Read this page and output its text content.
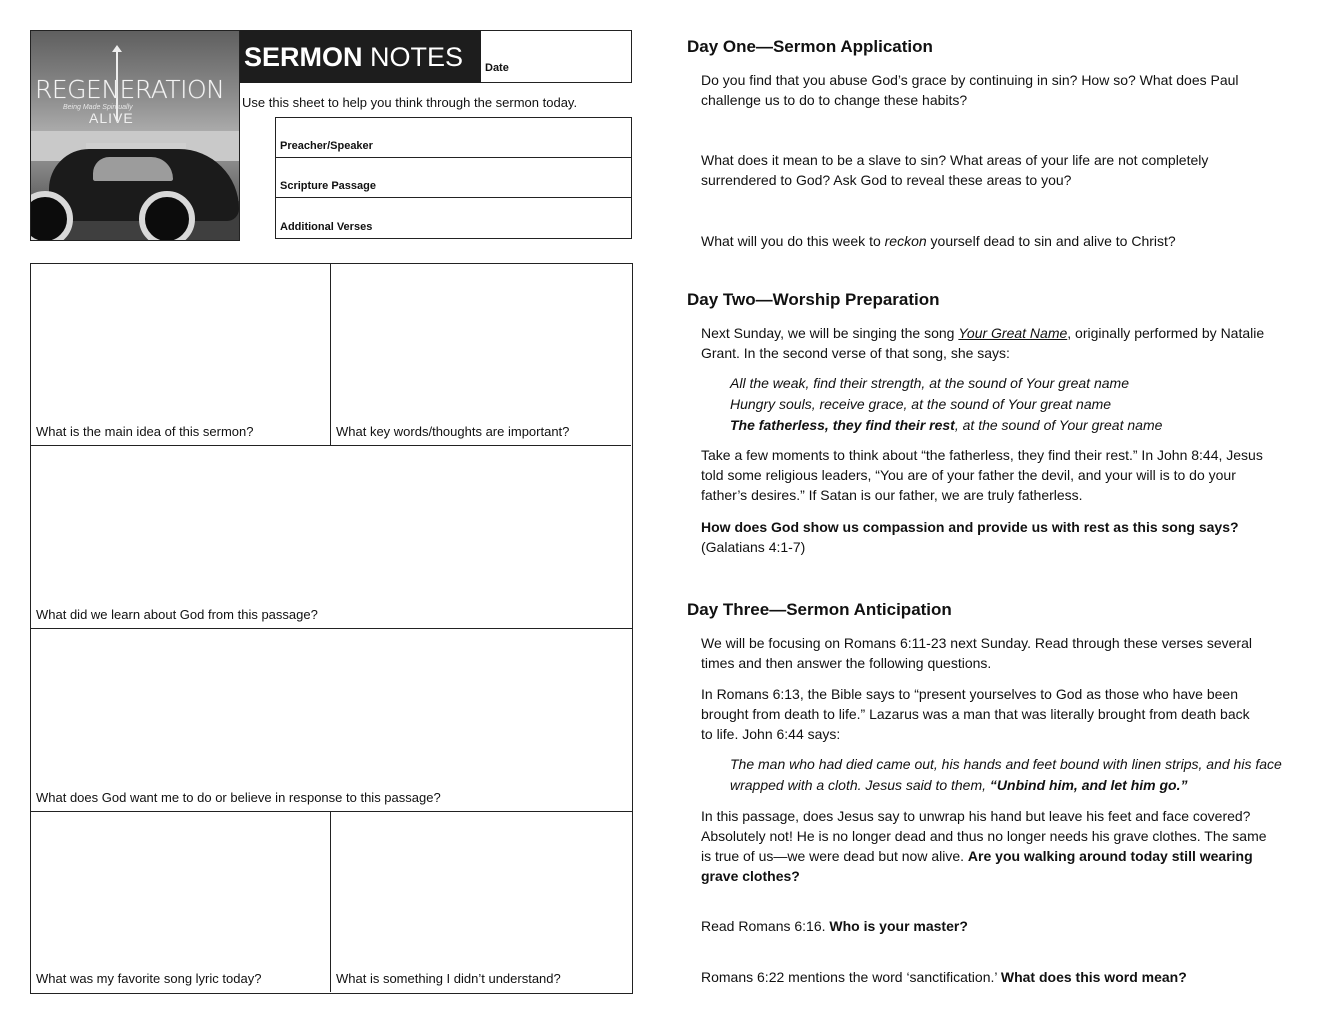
REGENERATION
Being Made Spiritually
ALIVE
SERMON NOTES Date
Use this sheet to help you think through the sermon today.
Preacher/Speaker
Scripture Passage
Additional Verses
What is the main idea of this sermon?	What key words/thoughts are important?
What did we learn about God from this passage?
What does God want me to do or believe in response to this passage?
What was my favorite song lyric today?	What is something I didn’t understand?
Day One—Sermon Application
Do you find that you abuse God’s grace by continuing in sin? How so? What does Paul challenge us to do to change these habits?
What does it mean to be a slave to sin? What areas of your life are not completely surrendered to God? Ask God to reveal these areas to you?
What will you do this week to reckon yourself dead to sin and alive to Christ?
Day Two—Worship Preparation
Next Sunday, we will be singing the song Your Great Name, originally performed by Natalie Grant. In the second verse of that song, she says:
All the weak, find their strength, at the sound of Your great name
Hungry souls, receive grace, at the sound of Your great name
The fatherless, they find their rest, at the sound of Your great name
Take a few moments to think about “the fatherless, they find their rest.” In John 8:44, Jesus told some religious leaders, “You are of your father the devil, and your will is to do your father’s desires.” If Satan is our father, we are truly fatherless.
How does God show us compassion and provide us with rest as this song says?
(Galatians 4:1-7)
Day Three—Sermon Anticipation
We will be focusing on Romans 6:11-23 next Sunday. Read through these verses several times and then answer the following questions.
In Romans 6:13, the Bible says to “present yourselves to God as those who have been brought from death to life.” Lazarus was a man that was literally brought from death back to life. John 6:44 says:
The man who had died came out, his hands and feet bound with linen strips, and his face wrapped with a cloth. Jesus said to them, “Unbind him, and let him go.”
In this passage, does Jesus say to unwrap his hand but leave his feet and face covered? Absolutely not! He is no longer dead and thus no longer needs his grave clothes. The same is true of us—we were dead but now alive. Are you walking around today still wearing grave clothes?
Read Romans 6:16. Who is your master?
Romans 6:22 mentions the word ‘sanctification.’ What does this word mean?
